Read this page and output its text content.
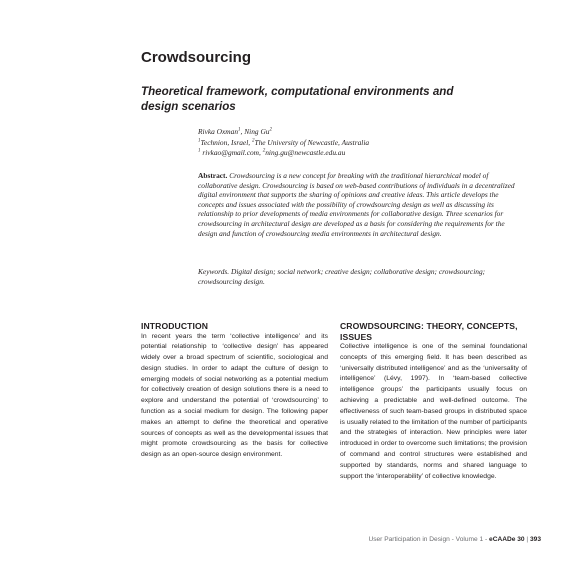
Crowdsourcing
Theoretical framework, computational environments and design scenarios
Rivka Oxman$^1$, Ning Gu$^2$
$^1$Technion, Israel, $^2$The University of Newcastle, Australia
$^1$ rivkao@gmail.com, $^2$ning.gu@newcastle.edu.au
Abstract. Crowdsourcing is a new concept for breaking with the traditional hierarchical model of collaborative design. Crowdsourcing is based on web-based contributions of individuals in a decentralized digital environment that supports the sharing of opinions and creative ideas. This article develops the concepts and issues associated with the possibility of crowdsourcing design as well as discussing its relationship to prior developments of media environments for collaborative design. Three scenarios for crowdsourcing in architectural design are developed as a basis for considering the requirements for the design and function of crowdsourcing media environments in architectural design.
Keywords. Digital design; social network; creative design; collaborative design; crowdsourcing; crowdsourcing design.
INTRODUCTION

In recent years the term ‘collective intelligence’ and its potential relationship to ‘collective design’ has appeared widely over a broad spectrum of scientific, sociological and design studies. In order to adapt the culture of design to emerging models of social networking as a potential medium for collectively creation of design solutions there is a need to explore and understand the potential of ‘crowdsourcing’ to function as a social medium for design. The following paper makes an attempt to define the theoretical and operative sources of concepts as well as the developmental issues that might promote crowdsourcing as the basis for collective design as an open-source design environment.

CROWDSOURCING: THEORY, CONCEPTS, ISSUES

Collective intelligence is one of the seminal foundational concepts of this emerging field. It has been described as ‘universally distributed intelligence’ and as the ‘universality of intelligence’ (Lévy, 1997). In ‘team-based collective intelligence groups’ the participants usually focus on achieving a predictable and well-defined outcome. The effectiveness of such team-based groups in distributed space is usually related to the limitation of the number of participants and the strategies of interaction. New principles were later introduced in order to overcome such limitations; the provision of command and control structures were established and supported by standards, norms and shared language to support the ‘interoperability’ of collective knowledge.

User Participation in Design - Volume 1 - eCAADe 30 | 393
